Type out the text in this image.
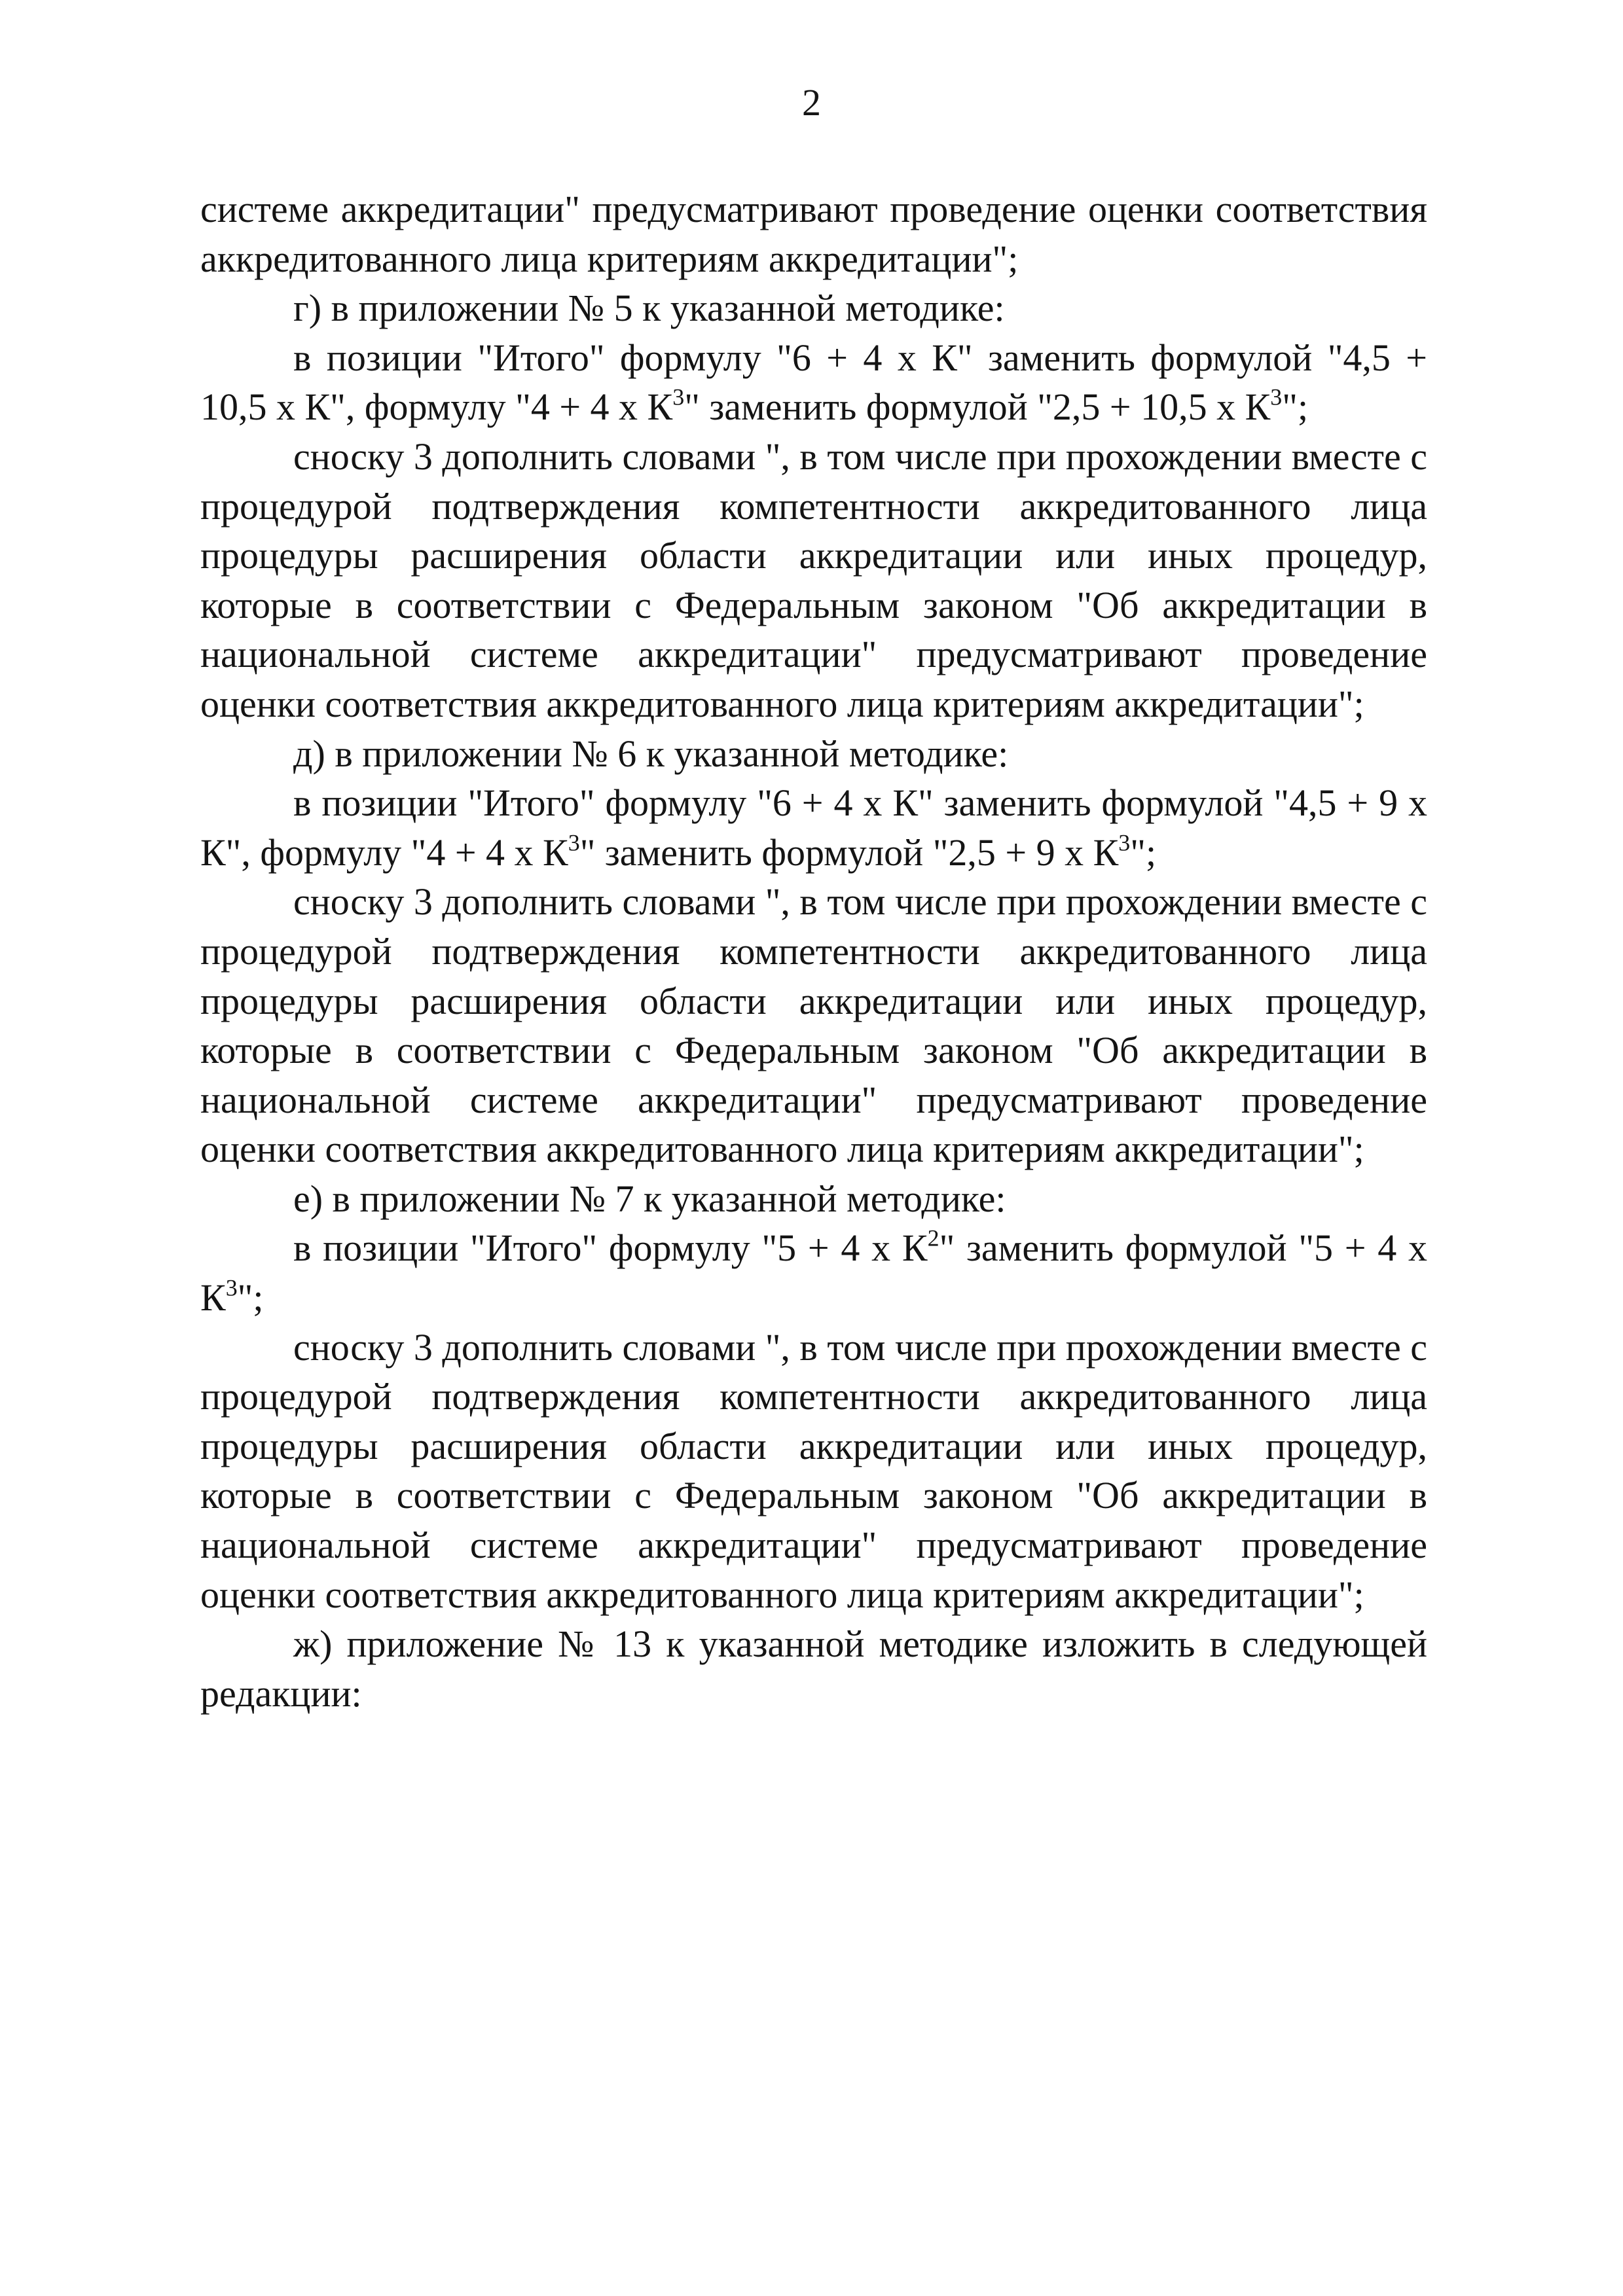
2

системе аккредитации" предусматривают проведение оценки соответствия аккредитованного лица критериям аккредитации";

г) в приложении № 5 к указанной методике:

в позиции "Итого" формулу "6 + 4 х К" заменить формулой "4,5 + 10,5 х К", формулу "4 + 4 х $К^3$" заменить формулой "2,5 + 10,5 х $К^3$";

сноску 3 дополнить словами ", в том числе при прохождении вместе с процедурой подтверждения компетентности аккредитованного лица процедуры расширения области аккредитации или иных процедур, которые в соответствии с Федеральным законом "Об аккредитации в национальной системе аккредитации" предусматривают проведение оценки соответствия аккредитованного лица критериям аккредитации";

д) в приложении № 6 к указанной методике:

в позиции "Итого" формулу "6 + 4 х К" заменить формулой "4,5 + 9 х К", формулу "4 + 4 х $К^3$" заменить формулой "2,5 + 9 х $К^3$";

сноску 3 дополнить словами ", в том числе при прохождении вместе с процедурой подтверждения компетентности аккредитованного лица процедуры расширения области аккредитации или иных процедур, которые в соответствии с Федеральным законом "Об аккредитации в национальной системе аккредитации" предусматривают проведение оценки соответствия аккредитованного лица критериям аккредитации";

е) в приложении № 7 к указанной методике:

в позиции "Итого" формулу "5 + 4 х $К^2$" заменить формулой "5 + 4 х $К^3$";

сноску 3 дополнить словами ", в том числе при прохождении вместе с процедурой подтверждения компетентности аккредитованного лица процедуры расширения области аккредитации или иных процедур, которые в соответствии с Федеральным законом "Об аккредитации в национальной системе аккредитации" предусматривают проведение оценки соответствия аккредитованного лица критериям аккредитации";

ж) приложение № 13 к указанной методике изложить в следующей редакции:
